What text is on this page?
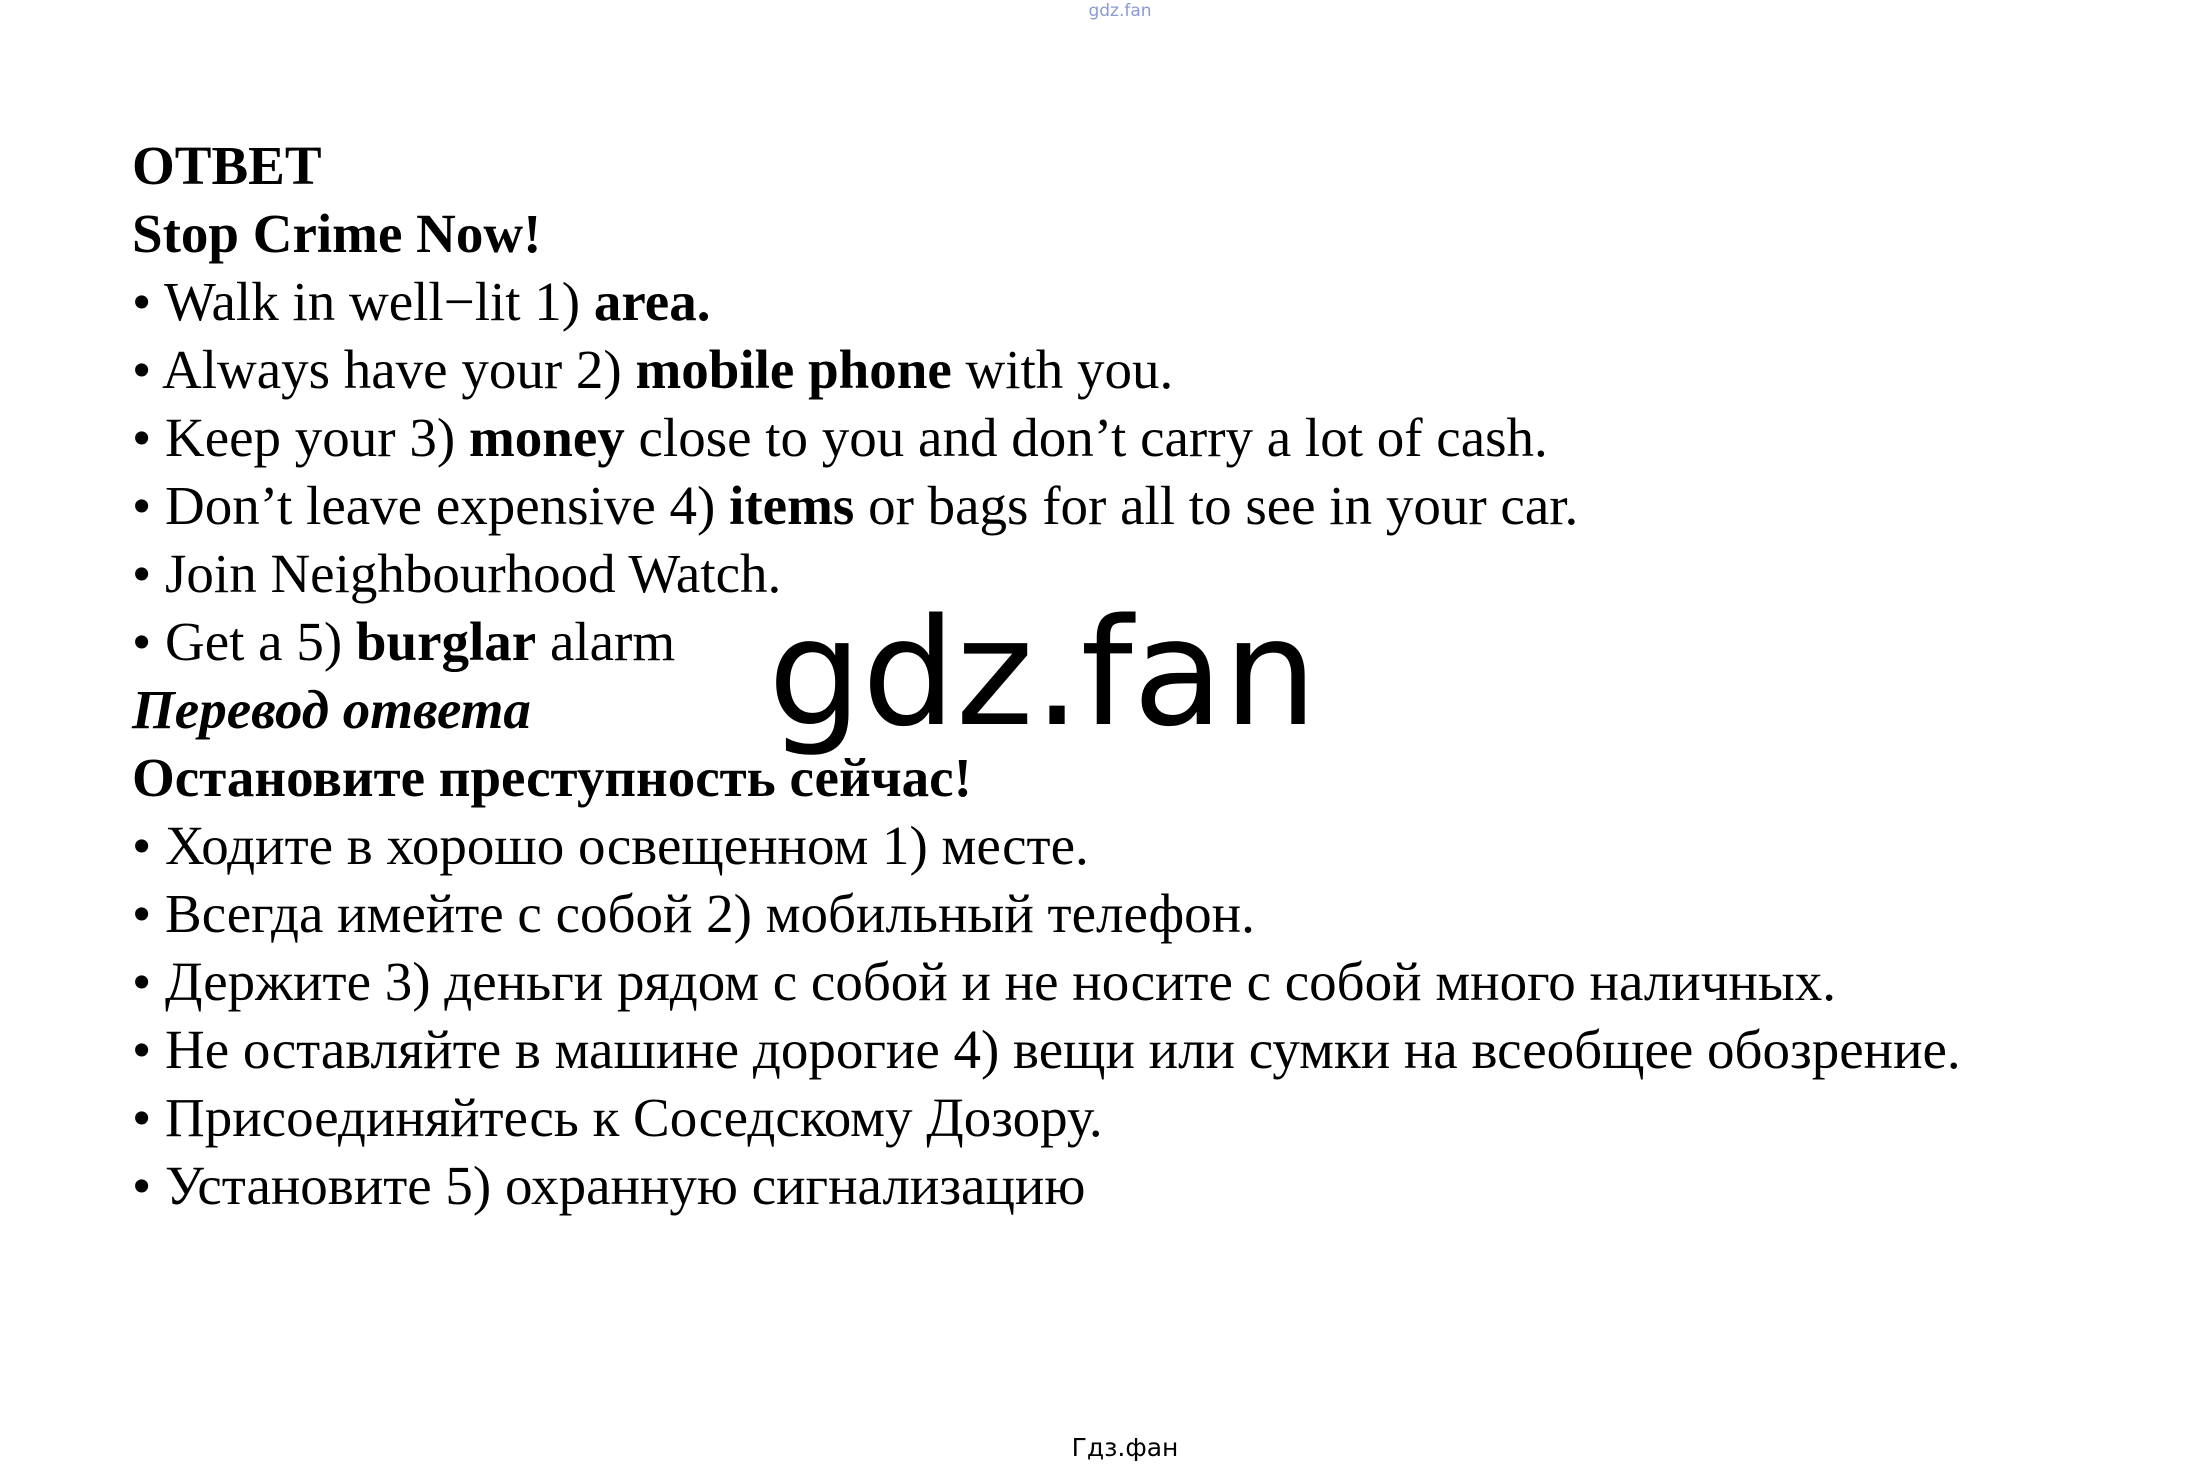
gdz.fan

ОТВЕТ

Stop Crime Now!

• Walk in well−lit 1) area.

• Always have your 2) mobile phone with you.

• Keep your 3) money close to you and don’t carry a lot of cash.

• Don’t leave expensive 4) items or bags for all to see in your car.

• Join Neighbourhood Watch.

• Get a 5) burglar alarm

Перевод ответа

Остановите преступность сейчас!

• Ходите в хорошо освещенном 1) месте.

• Всегда имейте с собой 2) мобильный телефон.

• Держите 3) деньги рядом с собой и не носите с собой много наличных.

• Не оставляйте в машине дорогие 4) вещи или сумки на всеобщее обозрение.

• Присоединяйтесь к Соседскому Дозору.

• Установите 5) охранную сигнализацию

gdz.fan
Гдз.фан
